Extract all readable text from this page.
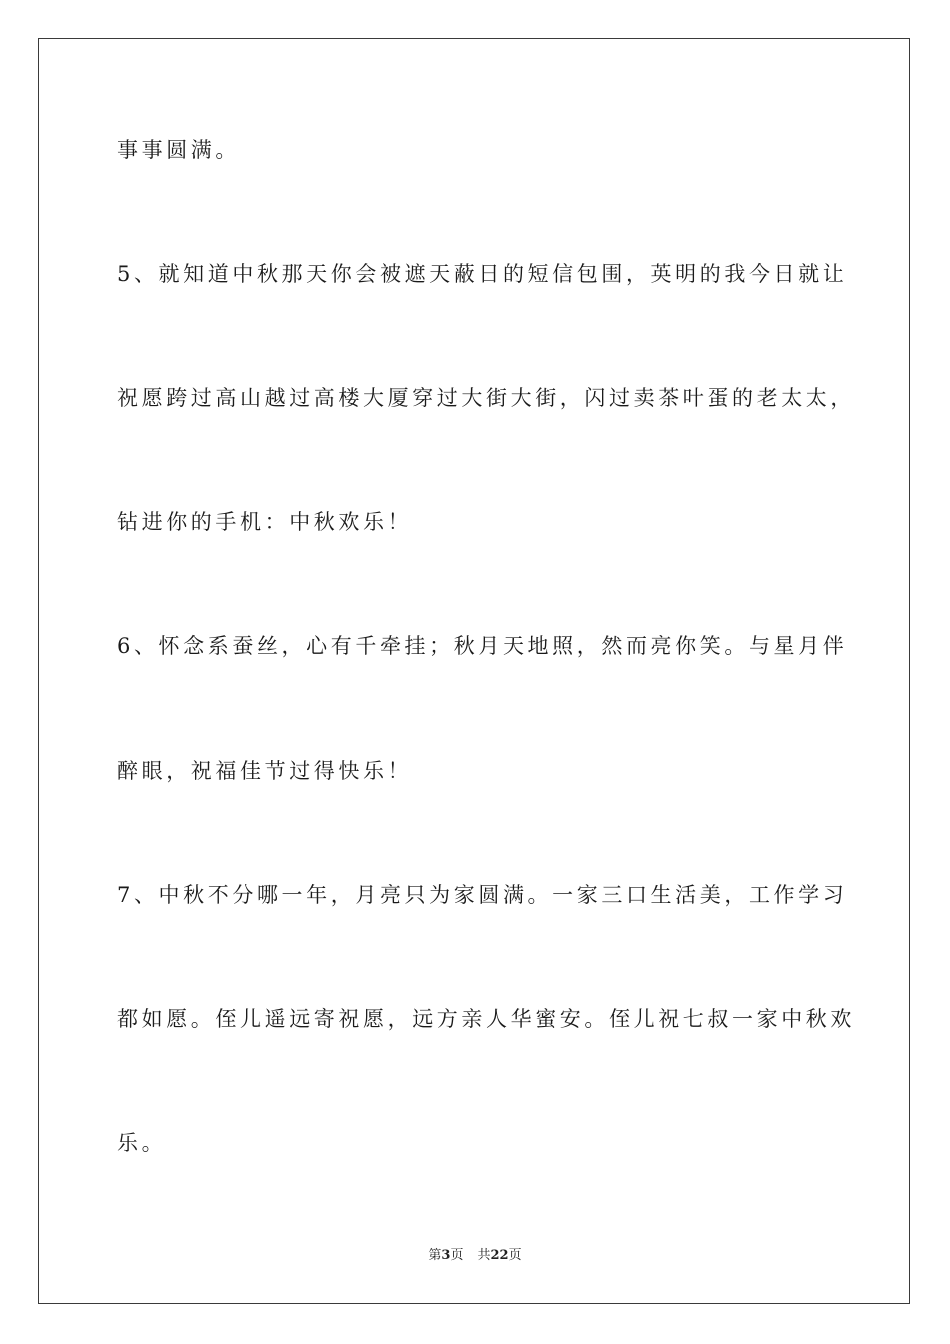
事事圆满。
5、就知道中秋那天你会被遮天蔽日的短信包围，英明的我今日就让
祝愿跨过高山越过高楼大厦穿过大街大街，闪过卖茶叶蛋的老太太，
钻进你的手机：中秋欢乐！
6、怀念系蚕丝，心有千牵挂；秋月天地照，然而亮你笑。与星月伴
醉眼，祝福佳节过得快乐！
7、中秋不分哪一年，月亮只为家圆满。一家三口生活美，工作学习
都如愿。侄儿遥远寄祝愿，远方亲人华蜜安。侄儿祝七叔一家中秋欢
乐。
第3页 共22页
